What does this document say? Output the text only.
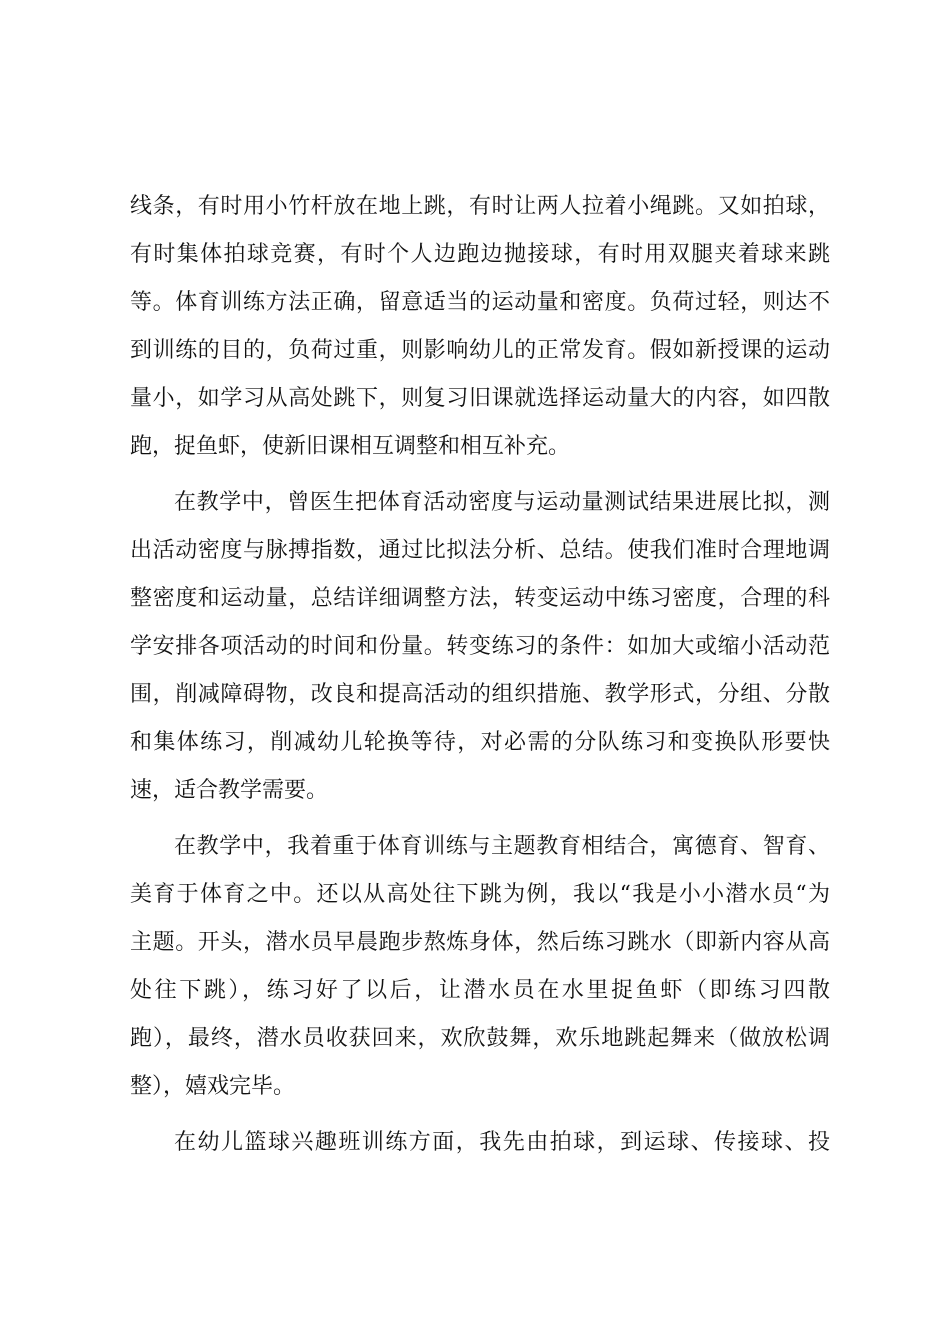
线条，有时用小竹杆放在地上跳，有时让两人拉着小绳跳。又如拍球，
有时集体拍球竞赛，有时个人边跑边抛接球，有时用双腿夹着球来跳
等。体育训练方法正确，留意适当的运动量和密度。负荷过轻，则达不
到训练的目的，负荷过重，则影响幼儿的正常发育。假如新授课的运动
量小，如学习从高处跳下，则复习旧课就选择运动量大的内容，如四散
跑，捉鱼虾，使新旧课相互调整和相互补充。
在教学中，曾医生把体育活动密度与运动量测试结果进展比拟，测
出活动密度与脉搏指数，通过比拟法分析、总结。使我们准时合理地调
整密度和运动量，总结详细调整方法，转变运动中练习密度，合理的科
学安排各项活动的时间和份量。转变练习的条件：如加大或缩小活动范
围，削减障碍物，改良和提高活动的组织措施、教学形式，分组、分散
和集体练习，削减幼儿轮换等待，对必需的分队练习和变换队形要快
速，适合教学需要。
在教学中，我着重于体育训练与主题教育相结合，寓德育、智育、
美育于体育之中。还以从高处往下跳为例，我以“我是小小潜水员“为
主题。开头，潜水员早晨跑步熬炼身体，然后练习跳水（即新内容从高
处往下跳），练习好了以后，让潜水员在水里捉鱼虾（即练习四散
跑），最终，潜水员收获回来，欢欣鼓舞，欢乐地跳起舞来（做放松调
整），嬉戏完毕。
在幼儿篮球兴趣班训练方面，我先由拍球，到运球、传接球、投
